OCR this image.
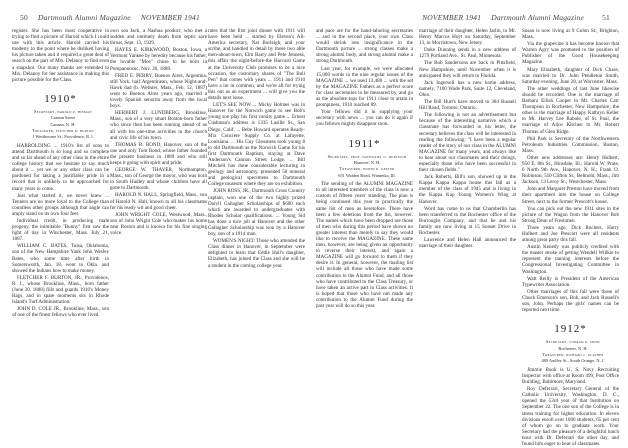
50 Dartmouth Alumni Magazine NOVEMBER 1941

register. She has been most cooperative in trying to find a picture of Harold which I could use with this article. Harold carried his modesty to the point where he disliked having his picture taken and it required a great deal of search on the part of Mrs. Delanoy to find even a snapshot. Our many thanks are extended to Mrs. Delanoy for her assistance in making this picture possible for the Class.

1910*

Secretary, harold p. hinman

Canaan Street

Canaan, N. H.

Treasurer, fletcher r. burton

1 Westbourne St., Providence, R. I.

HARROLDING ... 1910's list of sons to attend Dartmouth is so long and so complete and so far ahead of any other class in the entire college history that we hesitate to say much about it ... yet we or any other class can be pardoned for taking a justifiable pride in a record that is unlikely to be approached for many years to come.

Just what started it, we never knew ... Tenners are no more loyal to the College than countless other groups although that angle can amply stand on its own four feet.

Individual credit, in producing male progeny, the inimitable "Bunny" first saw the light of day in Winchester, Mass. July 21, 1887.

WILLIAM C. BATES, Tulsa, Oklahoma, son of the New Hampshire Yank John Wesley Bates, who some time after birth in Somersworth, Jan. 18, went to Okla. and showed the Indians how to make money.

FLETCHER F. BURTON, JR., Providence, R. I., whose Brookline, Mass., born father (June 30, 1888) fills and guards 1910's Money Bags, and in spare moments sits in Rhode Island's Turf Administration.

JOHN D. COLE JR., Brookline, Mass., son of one of the finest fellows who ever lived.

own son Jack, a Nashua product, who met a sudden and untimely death from septic sore throat, Sept. 13, 1929.

HAYES E. KIRKWOOD, Boston, Iowa, a Vermont Yankee by heredity because his father, the lovable "Moe" chose to be born in Pompanoosuc, Nov. 26, 1888.

FRED E. PERRY, Buenos Aires, Argentina, still York, half Argentinean, whose Night-and-Hawk dad (b. Webster, Mass., Feb. 12, 1887) went to Buenos Aires years ago, married a lovely Spanish senorita away from the local boys.

HERBERT J. LUNDBERG, Brookline, Mass., son of a very smart Boston-born father who since then has been running ahead of us all with his one-time activities in the church and civic life of his town.

THOMAS R. BOND, Hanover, son of the one and only Tom Bond, whose father founded the present business in 1889 and who still keeps it going with spirit and pride.

GEORGE W. THAYER, Northampton, Mass., son of George the mayor, who was born in South Hadley and whose children have all gone to Dartmouth.

HAROLD N. HALL, Springfield, Mass., son of Harold N. Hall, known to all his classmates for his ready wit and good cheer.

JOHN WRIGHT COLE, Westwood, Mass., son of John Wright Cole who makes his home near Boston and is known for his fine singing voice.

rates that the first joint dinner with 1911 will have been held ... started by Eleven's All-America secretary, Nat Burleigh, and your scribe, and handled in detail by those two able men-about-town, Elm Barry and Pete Jenness, this affair the night-before-the Harvard Game at the University Club promises to be a nice occasion, the customary shares of "The Bull Pen" that comes with years ... 1911 and 1910 have a lot in common, and we're all for trying this out as an experiment ... will give you the details next issue.

LET'S SEE NOW ... Micky Holmes was in Hanover for the Norwich game to see Bob's young son play his first varsity game ... Ernest Cushman's address is 1335 Lasille St., San Diego, Calif. ... Bebe Howard operates Ready-Mix Concrete Supply Co. at Lafayette, Louisiana. ... His Guy Glossness took young 8 to old Dartmouth as the Norwich Game for his first Dartmouth Baptism, staying at Dave Anderson's Cannon Street Lodge. ... Bill Mitchell has done considerable lecturing in geology and astronomy, presented 50 mineral and geological specimens to Dartmouth College museum where they are on exhibition.

JOHN ROSS, JR., Dartmouth Cross Country captain, won one of the two highly prized Daryll Gallagher Scholarships of $600 each which are awarded to undergraduates with Rhodes Scholar qualifications. ... Young Sid has done a nice job at Hanover and the other Gallagher Scholarship was won by a Hanover boy, son of a 1914 man.

WOMEN'S NIGHT: Those who attended the Class dinner in Hanover, in September were delighted to learn that Eddie Hall's daughter, Elizabeth, has joined the Class and she will be a student in the coming college year.

NOVEMBER 1941 Dartmouth Alumni Magazine 51

and pace are for the hand-laboring secretaries ... and in the second place, your own Class would shrink into insignificance in the Dartmouth picture ... strong classes make a strong alumni body, and strong alumni make a strong Dartmouth.

Last year, for example, we were allocated 15,000 words in the nine regular issues of the MAGAZINE ... we used 13,480 ... with the set by the MAGAZINE Fathers as a perfect score for class secretaries to be measured by, and go as the absolute tops for 1911 close to attain in promptness, 1910 reached 89.

Your fellows did it in supplying your secretary with news ... you can do it again if you fellows mighty disappear soon.

1911*

Secretary, prof. nathaniel g. burleigh

Hanover, N. H.

Treasurer, edwin r. keeler

651 Walden Road, Winnetka, Ill.

The sending of the ALUMNI MAGAZINE to all interested members of the class is now a custom of fifteen years' standing. The plan is being continued this year to practically the same list of men as heretofore. There have been a few deletions from the list, however. The names which have been dropped are those of men who during this period have shown no greater interest than merely to say they would like to receive the MAGAZINE. These same men, however, are being given an opportunity to reverse their interest, and again a MAGAZINE will go forward to them if they desire it. In general, however, the mailing list will include all those who have made some contribution to the Alumni Fund, and all those who have contributed to the Class Treasury, or have taken an active part in Class activities. It is hoped that those who have not made any contribution to the Alumni Fund during the past year will do so this year.

marriage of their daughter, Helen Jarlin, to Mr. Henry Marcus Hoyt on Saturday, September 13, in Morristown, New Jersey.

Duke Dunning sends in a new address of 1279 Portland Ave., St. Paul, Minnesota.

The Bob Sandersons are back in Pittsfield, New Hampshire, until November when it is anticipated they will return to Florida.

Jack Ingersoll has a new home address, namely, 7100 Wade Park, Suite 12, Cleveland, Ohio.

The Bill Hurt's have moved to 384 Russell Hill Road, Toronto, Ontario.

The following is not an advertisement but because of the interesting narrative which a classmate has forwarded in his letter, the secretary believes the class will be interested in reading the following: "I have been a regular reader of the story of our class in the ALUMNI MAGAZINE for many years, and always like to hear about our classmates and their doings, especially those who have been successful in their chosen fields."

Jack Roberts, Bill's son, showed up in the Kappa Kappa Kappa house this fall as a member of the class of 1945 and is living in the Kappa Kap Young Women's Wing at Hanover.

Word has come to us that Chamberlin has been transferred to the Rochester office of the Burroughs Company, and that he and his family are now living at 15 Sunset Drive in Rochester.

Lawrence and Helen Hall announced the marriage of their daughter.

Susan is now living at 9 Colon St., Brighton, Mass.

Via the grapevine it has become known that Warren Agry was promoted to the position of Publisher of the Good Housekeeping Magazine.

Mary Elizabeth, daughter of Dick Chase, was married to Dr. John Pendleton Smith, Saturday evening, June 28, at Worcester, Mass.

The other weddings of last June likewise should be recorded. One is the marriage of Barbara Eilish Cooper to Mr. Charles Carr Thompson in Rochester, New Hampshire; the other is the marriage of Happy Kathryn Keller to Mr. Harvey Lee Rabole, of St. Paul, the marriage of Alice Kitchen to Mr. Robert Thomas of Glen Ridge.

Phil Park is Secretary of the Northwestern Petroleum Industries Commission, Boston, Mass.

Other new addresses are: Henry Hulbert, 950 E. 8th St., Hinsdale, Ill.; Harold W. Prate, 6 North 9th Ave., Hanover, N. H.; Frank O. Robinson, 510 Clifton St., Belmont, Mass.; Jim Jackson, 13 Leroy St., Westchester, Mass.

John and Margaret Preston have moved from their apartment into the house on College Street, next to the former Prescott's house.

You can pick out the new 1911 sites in the picture of the Wagon from the Hanover Bob Strong Dean of Freshmen.

Three years ago, Dick Ruchert, Harry Hulbert and Joe Prescott were all residents among great party this fall.

Austin Kenedy was publicly credited with the master stroke of getting Wendell Willkie to represent the tanning interests before the Congressional Investigating Committee in Washington.

Walt Reilly is President of the American Typewriter Association.

Other marriages of this fall were those of Chuck Emerson's son, Bob, and Jack Russell's son, John. Perhaps the girls' names can be reported next time.

1912*

Secretary, conrad e. snow

Rochester, N. H.

Treasurer, richard c. platner

489 Audley St., South Orange, N. J.

Jimmie Book is U. S. Navy Recruiting Inspector with office at Room 499, Post Office Building, Baltimore, Maryland.

Roy Deferrari, Secretary General of the Catholic University, Washington, D. C., opened the 53rd year of that Institution on September 22. The one son of the College is in stress training for higher education. In eleven divisions enroll over 1000 students, 65 per cent of whom go on to graduate work. Your Secretary had the pleasure of a delightful lunch hour with Dr. Deferrari the other day, and found him eager to hear of classmates.
